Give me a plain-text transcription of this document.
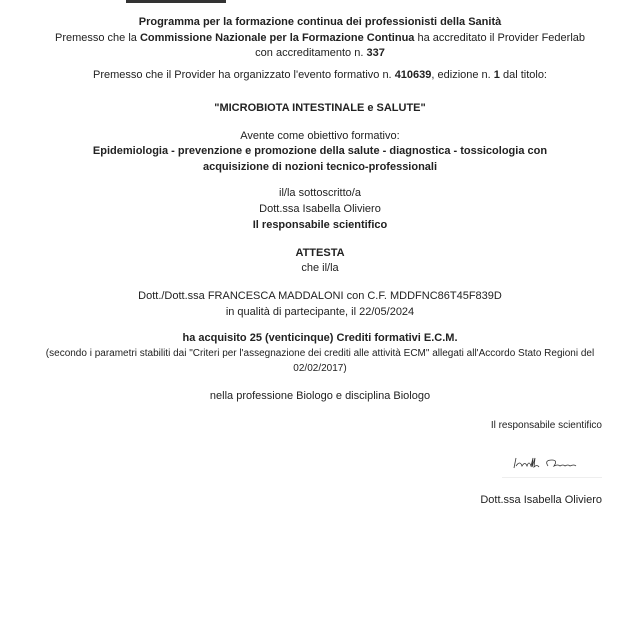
Programma per la formazione continua dei professionisti della Sanità
Premesso che la Commissione Nazionale per la Formazione Continua ha accreditato il Provider Federlab
con accreditamento n. 337
Premesso che il Provider ha organizzato l'evento formativo n. 410639, edizione n. 1 dal titolo:
"MICROBIOTA INTESTINALE e SALUTE"
Avente come obiettivo formativo:
Epidemiologia - prevenzione e promozione della salute - diagnostica - tossicologia con
acquisizione di nozioni tecnico-professionali
il/la sottoscritto/a
Dott.ssa Isabella Oliviero
Il responsabile scientifico
ATTESTA
che il/la
Dott./Dott.ssa FRANCESCA MADDALONI con C.F. MDDFNC86T45F839D
in qualità di partecipante, il 22/05/2024
ha acquisito 25 (venticinque) Crediti formativi E.C.M.
(secondo i parametri stabiliti dai "Criteri per l'assegnazione dei crediti alle attività ECM" allegati all'Accordo Stato Regioni del
02/02/2017)
nella professione Biologo e disciplina Biologo
Il responsabile scientifico
Dott.ssa Isabella Oliviero
